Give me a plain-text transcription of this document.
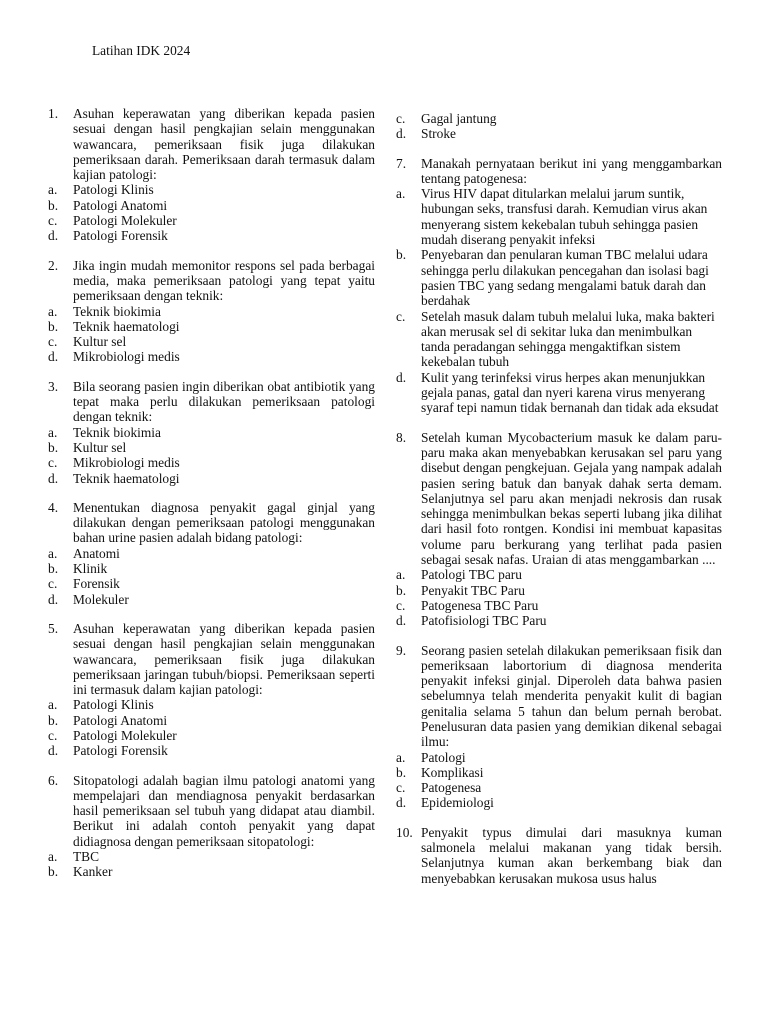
Latihan IDK 2024
1.	Asuhan keperawatan yang diberikan kepada pasien sesuai dengan hasil pengkajian selain menggunakan wawancara, pemeriksaan fisik juga dilakukan pemeriksaan darah. Pemeriksaan darah termasuk dalam kajian patologi:
a.	Patologi Klinis
b.	Patologi Anatomi
c.	Patologi Molekuler
d.	Patologi Forensik
2.	Jika ingin mudah memonitor respons sel pada berbagai media, maka pemeriksaan patologi yang tepat yaitu pemeriksaan dengan teknik:
a.	Teknik biokimia
b.	Teknik haematologi
c.	Kultur sel
d.	Mikrobiologi medis
3.	Bila seorang pasien ingin diberikan obat antibiotik yang tepat maka perlu dilakukan pemeriksaan patologi dengan teknik:
a.	Teknik biokimia
b.	Kultur sel
c.	Mikrobiologi medis
d.	Teknik haematologi
4.	Menentukan diagnosa penyakit gagal ginjal yang dilakukan dengan pemeriksaan patologi menggunakan bahan urine pasien adalah bidang patologi:
a.	Anatomi
b.	Klinik
c.	Forensik
d.	Molekuler
5.	Asuhan keperawatan yang diberikan kepada pasien sesuai dengan hasil pengkajian selain menggunakan wawancara, pemeriksaan fisik juga dilakukan pemeriksaan jaringan tubuh/biopsi. Pemeriksaan seperti ini termasuk dalam kajian patologi:
a.	Patologi Klinis
b.	Patologi Anatomi
c.	Patologi Molekuler
d.	Patologi Forensik
6.	Sitopatologi adalah bagian ilmu patologi anatomi yang mempelajari dan mendiagnosa penyakit berdasarkan hasil pemeriksaan sel tubuh yang didapat atau diambil. Berikut ini adalah contoh penyakit yang dapat didiagnosa dengan pemeriksaan sitopatologi:
a.	TBC
b.	Kanker
c.	Gagal jantung
d.	Stroke
7.	Manakah pernyataan berikut ini yang menggambarkan tentang patogenesa:
a.	Virus HIV dapat ditularkan melalui jarum suntik, hubungan seks, transfusi darah. Kemudian virus akan menyerang sistem kekebalan tubuh sehingga pasien mudah diserang penyakit infeksi
b.	Penyebaran dan penularan kuman TBC melalui udara sehingga perlu dilakukan pencegahan dan isolasi bagi pasien TBC yang sedang mengalami batuk darah dan berdahak
c.	Setelah masuk dalam tubuh melalui luka, maka bakteri akan merusak sel di sekitar luka dan menimbulkan tanda peradangan sehingga mengaktifkan sistem kekebalan tubuh
d.	Kulit yang terinfeksi virus herpes akan menunjukkan gejala panas, gatal dan nyeri karena virus menyerang syaraf tepi namun tidak bernanah dan tidak ada eksudat
8.	Setelah kuman Mycobacterium masuk ke dalam paru-paru maka akan menyebabkan kerusakan sel paru yang disebut dengan pengkejuan. Gejala yang nampak adalah pasien sering batuk dan banyak dahak serta demam. Selanjutnya sel paru akan menjadi nekrosis dan rusak sehingga menimbulkan bekas seperti lubang jika dilihat dari hasil foto rontgen. Kondisi ini membuat kapasitas volume paru berkurang yang terlihat pada pasien sebagai sesak nafas. Uraian di atas menggambarkan ....
a.	Patologi TBC paru
b.	Penyakit TBC Paru
c.	Patogenesa TBC Paru
d.	Patofisiologi TBC Paru
9.	Seorang pasien setelah dilakukan pemeriksaan fisik dan pemeriksaan labortorium di diagnosa menderita penyakit infeksi ginjal. Diperoleh data bahwa pasien sebelumnya telah menderita penyakit kulit di bagian genitalia selama 5 tahun dan belum pernah berobat. Penelusuran data pasien yang demikian dikenal sebagai ilmu:
a.	Patologi
b.	Komplikasi
c.	Patogenesa
d.	Epidemiologi
10. Penyakit typus dimulai dari masuknya kuman salmonela melalui makanan yang tidak bersih. Selanjutnya kuman akan berkembang biak dan menyebabkan kerusakan mukosa usus halus
